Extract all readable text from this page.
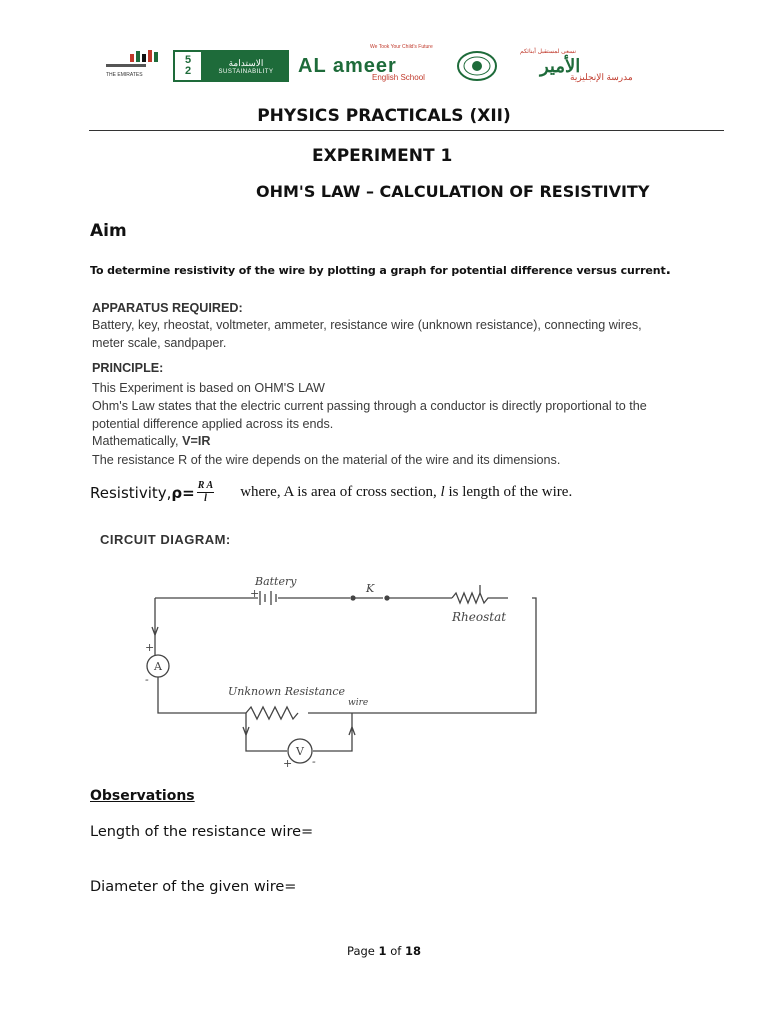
THE EMIRATES
5
2
الاستدامة
SUSTAINABILITY
We Took Your Child's Future
AL ameer
English School
نسعى لمستقبل أبنائكم
الأمير
مدرسة الإنجليزية
PHYSICS PRACTICALS (XII)
EXPERIMENT 1
OHM'S LAW – CALCULATION OF RESISTIVITY
Aim
To determine resistivity of the wire by plotting a graph for potential difference versus current.
APPARATUS REQUIRED:
Battery, key, rheostat, voltmeter, ammeter, resistance wire (unknown resistance), connecting wires, meter scale, sandpaper.
PRINCIPLE:
This Experiment is based on OHM'S LAW
Ohm's Law states that the electric current passing through a conductor is directly proportional to the potential difference applied across its ends.
Mathematically, V=IR
The resistance R of the wire depends on the material of the wire and its dimensions.
Resistivity, $\rho= \frac{\text{R A}}{l}$ where, A is area of cross section, l is length of the wire.
CIRCUIT DIAGRAM:
Battery
K
Rheostat
A
V
Unknown Resistance
wire
+
+
-
+ -
Observations
Length of the resistance wire=
Diameter of the given wire=
Page 1 of 18
